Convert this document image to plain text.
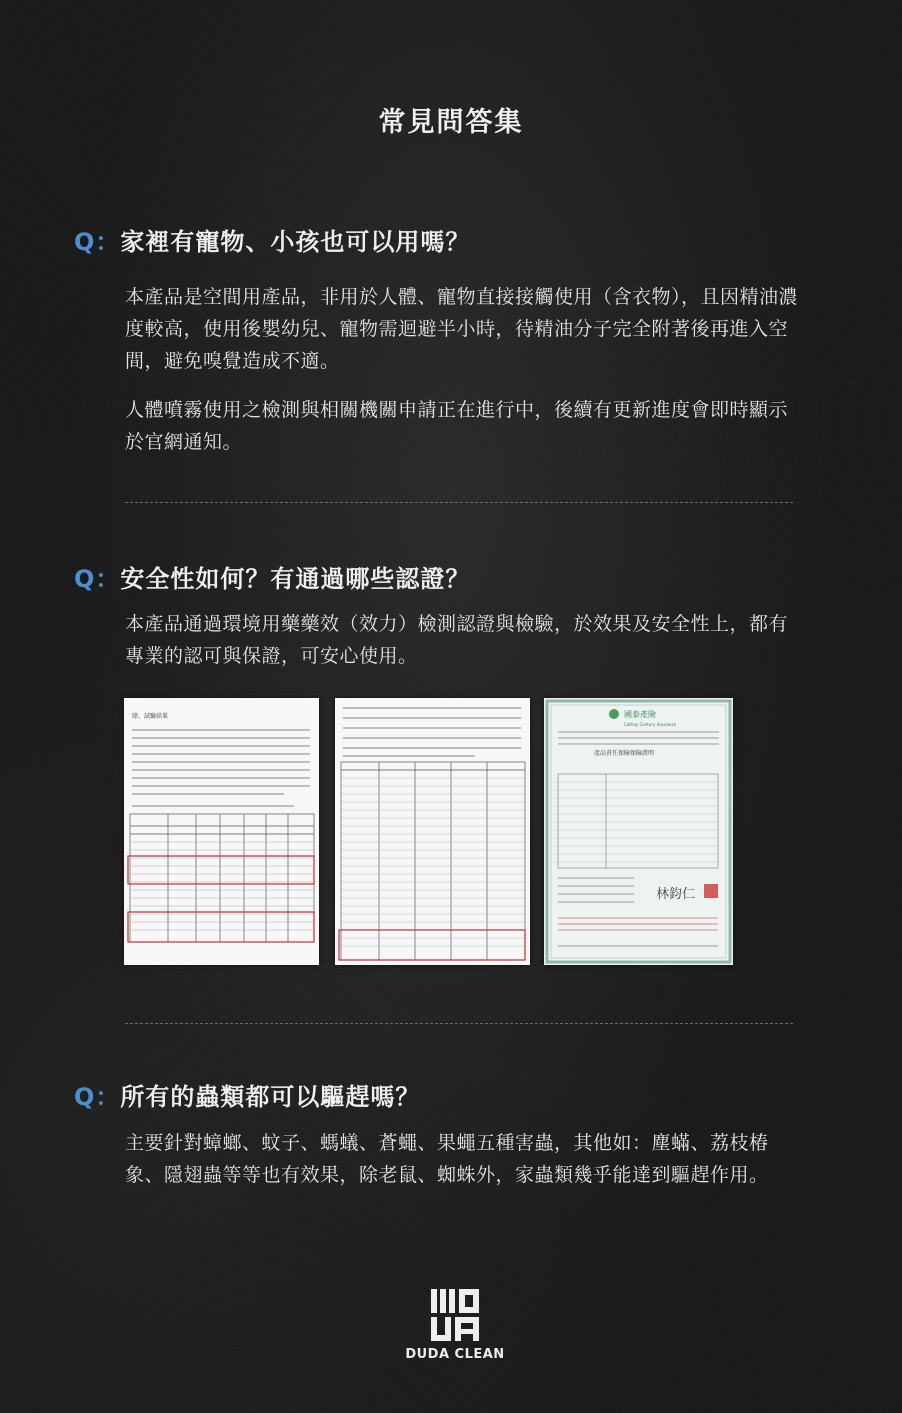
常見問答集
Q：家裡有寵物、小孩也可以用嗎？
本產品是空間用產品，非用於人體、寵物直接接觸使用（含衣物），且因精油濃度較高，使用後嬰幼兒、寵物需迴避半小時，待精油分子完全附著後再進入空間，避免嗅覺造成不適。
人體噴霧使用之檢測與相關機關申請正在進行中，後續有更新進度會即時顯示於官網通知。
Q：安全性如何？有通過哪些認證？
本產品通過環境用藥藥效（效力）檢測認證與檢驗，於效果及安全性上，都有專業的認可與保證，可安心使用。
肆、試驗結果	國泰產險
Cathay Century Insurance
產品責任保險保險證明
林鈞仁
Q：所有的蟲類都可以驅趕嗎？
主要針對蟑螂、蚊子、螞蟻、蒼蠅、果蠅五種害蟲，其他如：塵蟎、荔枝椿象、隱翅蟲等等也有效果，除老鼠、蜘蛛外，家蟲類幾乎能達到驅趕作用。
DUDA CLEAN
